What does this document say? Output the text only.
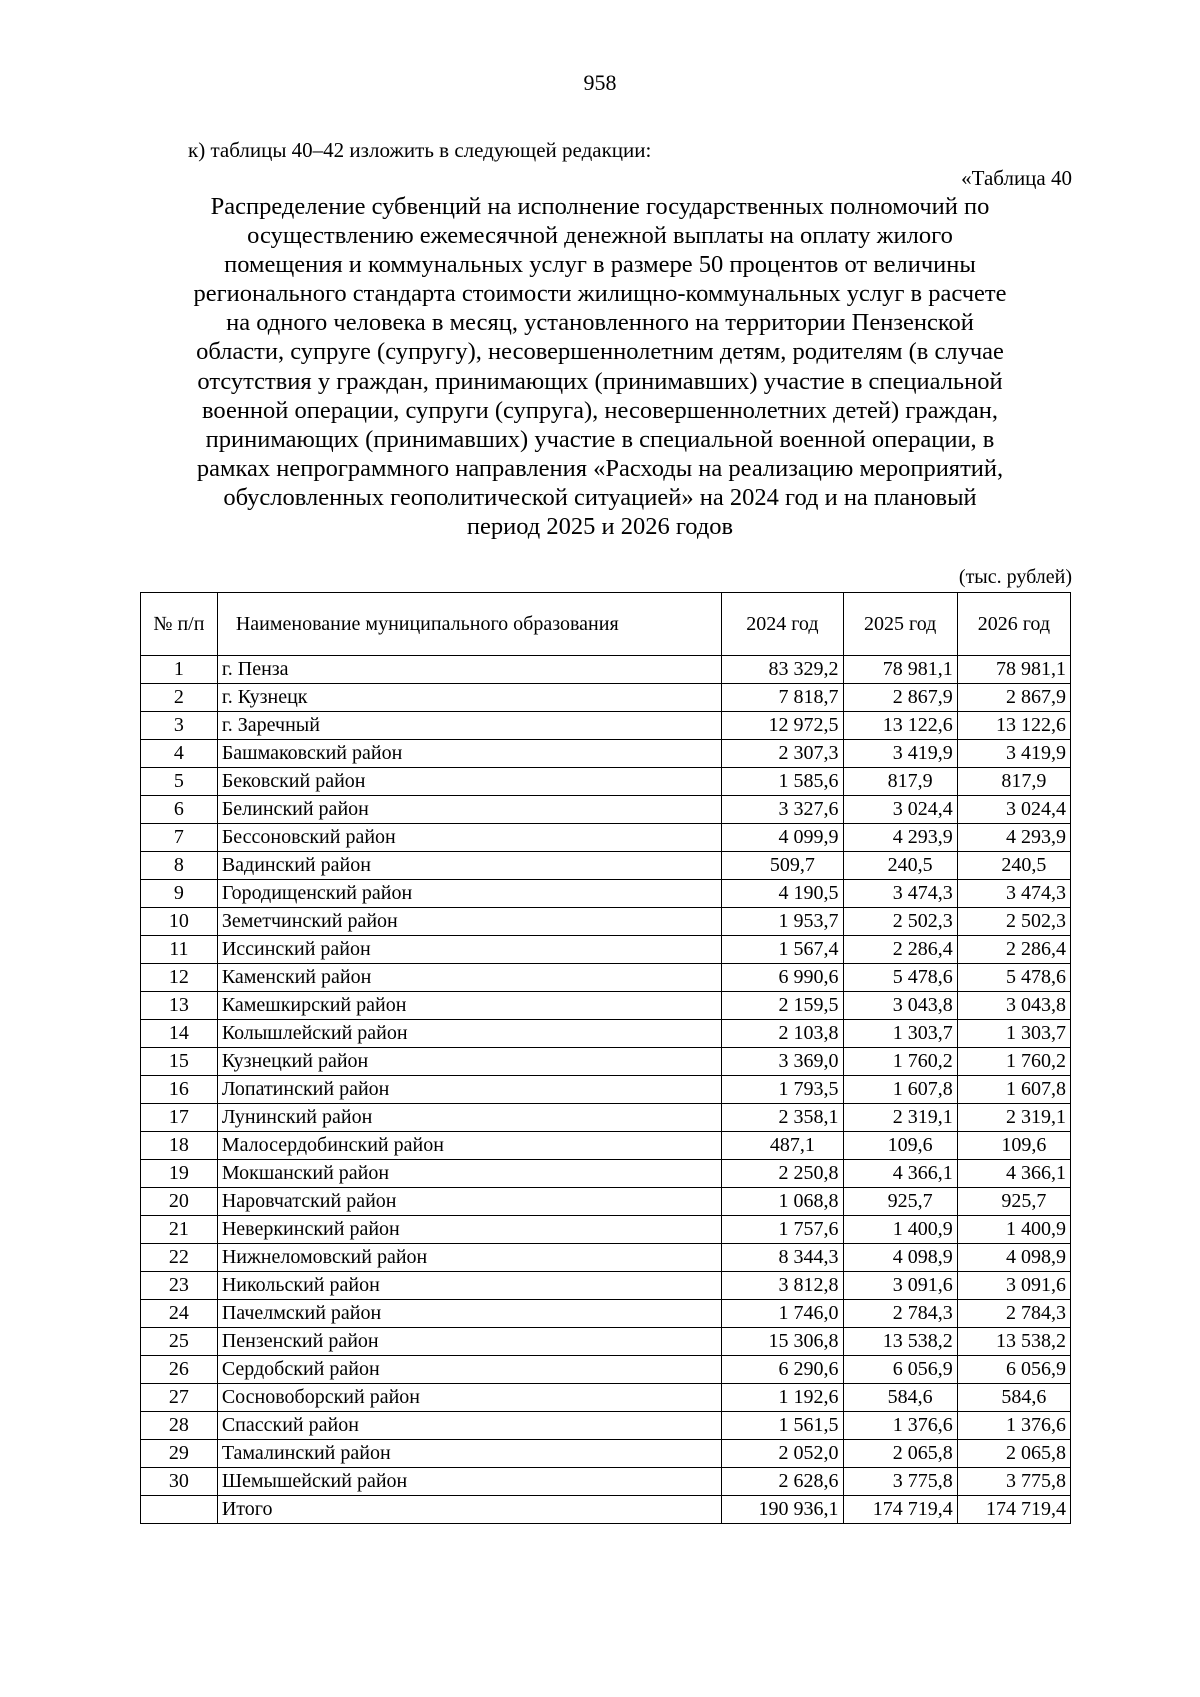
958
к) таблицы 40–42 изложить в следующей редакции:
«Таблица 40
Распределение субвенций на исполнение государственных полномочий по
осуществлению ежемесячной денежной выплаты на оплату жилого
помещения и коммунальных услуг в размере 50 процентов от величины
регионального стандарта стоимости жилищно-коммунальных услуг в расчете
на одного человека в месяц, установленного на территории Пензенской
области, супруге (супругу), несовершеннолетним детям, родителям (в случае
отсутствия у граждан, принимающих (принимавших) участие в специальной
военной операции, супруги (супруга), несовершеннолетних детей) граждан,
принимающих (принимавших) участие в специальной военной операции, в
рамках непрограммного направления «Расходы на реализацию мероприятий,
обусловленных геополитической ситуацией» на 2024 год и на плановый
период 2025 и 2026 годов
(тыс. рублей)
№ п/п	Наименование муниципального образования	2024 год	2025 год	2026 год
1	г. Пенза	83 329,2	78 981,1	78 981,1
2	г. Кузнецк	7 818,7	2 867,9	2 867,9
3	г. Заречный	12 972,5	13 122,6	13 122,6
4	Башмаковский район	2 307,3	3 419,9	3 419,9
5	Бековский район	1 585,6	817,9	817,9
6	Белинский район	3 327,6	3 024,4	3 024,4
7	Бессоновский район	4 099,9	4 293,9	4 293,9
8	Вадинский район	509,7	240,5	240,5
9	Городищенский район	4 190,5	3 474,3	3 474,3
10	Земетчинский район	1 953,7	2 502,3	2 502,3
11	Иссинский район	1 567,4	2 286,4	2 286,4
12	Каменский район	6 990,6	5 478,6	5 478,6
13	Камешкирский район	2 159,5	3 043,8	3 043,8
14	Колышлейский район	2 103,8	1 303,7	1 303,7
15	Кузнецкий район	3 369,0	1 760,2	1 760,2
16	Лопатинский район	1 793,5	1 607,8	1 607,8
17	Лунинский район	2 358,1	2 319,1	2 319,1
18	Малосердобинский район	487,1	109,6	109,6
19	Мокшанский район	2 250,8	4 366,1	4 366,1
20	Наровчатский район	1 068,8	925,7	925,7
21	Неверкинский район	1 757,6	1 400,9	1 400,9
22	Нижнеломовский район	8 344,3	4 098,9	4 098,9
23	Никольский район	3 812,8	3 091,6	3 091,6
24	Пачелмский район	1 746,0	2 784,3	2 784,3
25	Пензенский район	15 306,8	13 538,2	13 538,2
26	Сердобский район	6 290,6	6 056,9	6 056,9
27	Сосновоборский район	1 192,6	584,6	584,6
28	Спасский район	1 561,5	1 376,6	1 376,6
29	Тамалинский район	2 052,0	2 065,8	2 065,8
30	Шемышейский район	2 628,6	3 775,8	3 775,8
	Итого	190 936,1	174 719,4	174 719,4
